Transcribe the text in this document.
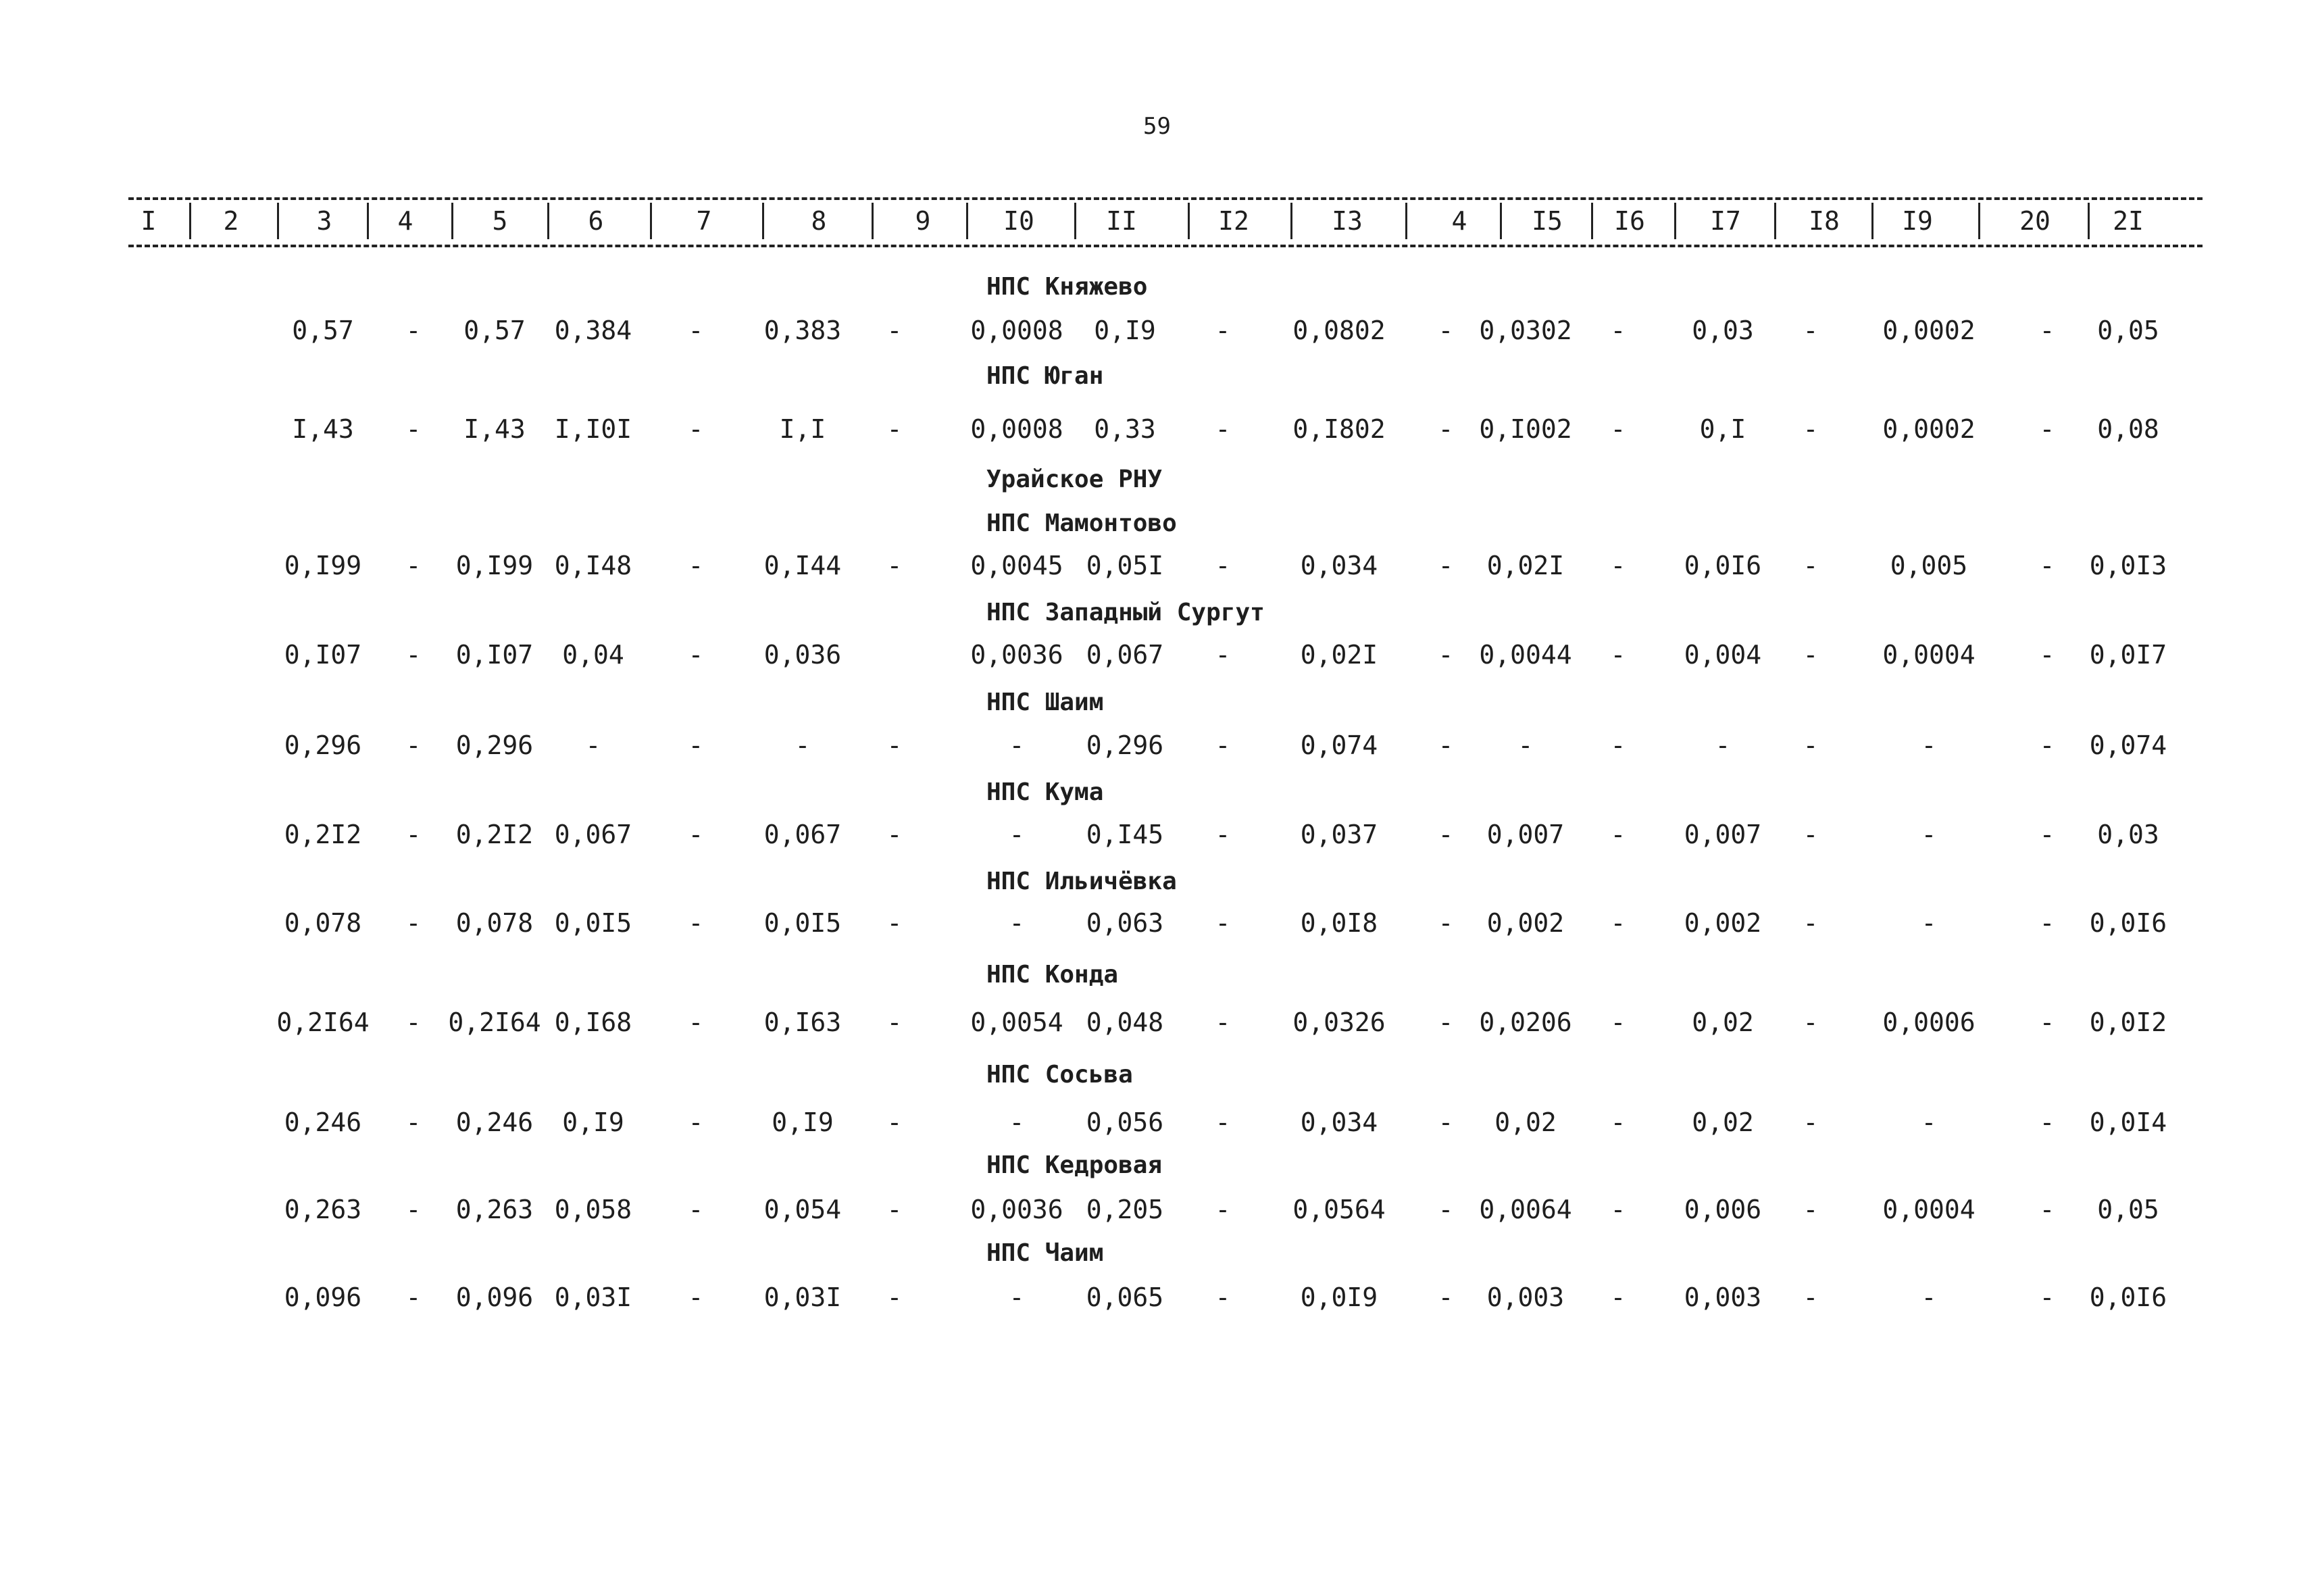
59
I	2	3	4	5	6	7	8	9	I0	II	I2	I3	4	I5	I6	I7	I8	I9	20	2I
НПС Княжево
0,57	-	0,57	0,384	-	0,383	-	0,0008	0,I9	-	0,0802	- 0,0302	-	0,03	-	0,0002	-	0,05
НПС Юган
I,43	-	I,43	I,I0I	-	I,I	-	0,0008	0,33	-	0,I802	- 0,I002	-	0,I	-	0,0002	-	0,08
Урайское РНУ
НПС Мамонтово
0,I99	-	0,I99 0,I48	-	0,I44	-	0,0045 0,05I	-	0,034	-	0,02I	-	0,0I6	-	0,005	-	0,0I3
НПС Западный Сургут
0,I07	-	0,I07	0,04	-	0,036	0,0036 0,067	-	0,02I	- 0,0044	-	0,004	-	0,0004	-	0,0I7
НПС Шаим
0,296	-	0,296	-	-	-	-	-	0,296	-	0,074	-	-	-	-	-	-	-	0,074
НПС Кума
0,2I2	-	0,2I2 0,067	-	0,067	-	-	0,I45	-	0,037	-	0,007	-	0,007	-	-	-	0,03
НПС Ильичёвка
0,078	-	0,078 0,0I5	-	0,0I5	-	-	0,063	-	0,0I8	-	0,002	-	0,002	-	-	-	0,0I6
НПС Конда
0,2I64	-	0,2I64 0,I68	-	0,I63	-	0,0054 0,048	-	0,0326	- 0,0206	-	0,02	-	0,0006	-	0,0I2
НПС Сосьва
0,246	-	0,246	0,I9	-	0,I9	-	-	0,056	-	0,034	-	0,02	-	0,02	-	-	-	0,0I4
НПС Кедровая
0,263	-	0,263 0,058	-	0,054	-	0,0036 0,205	-	0,0564	- 0,0064	-	0,006	-	0,0004	-	0,05
НПС Чаим
0,096	-	0,096 0,03I	-	0,03I	-	-	0,065	-	0,0I9	-	0,003	-	0,003	-	-	-	0,0I6
